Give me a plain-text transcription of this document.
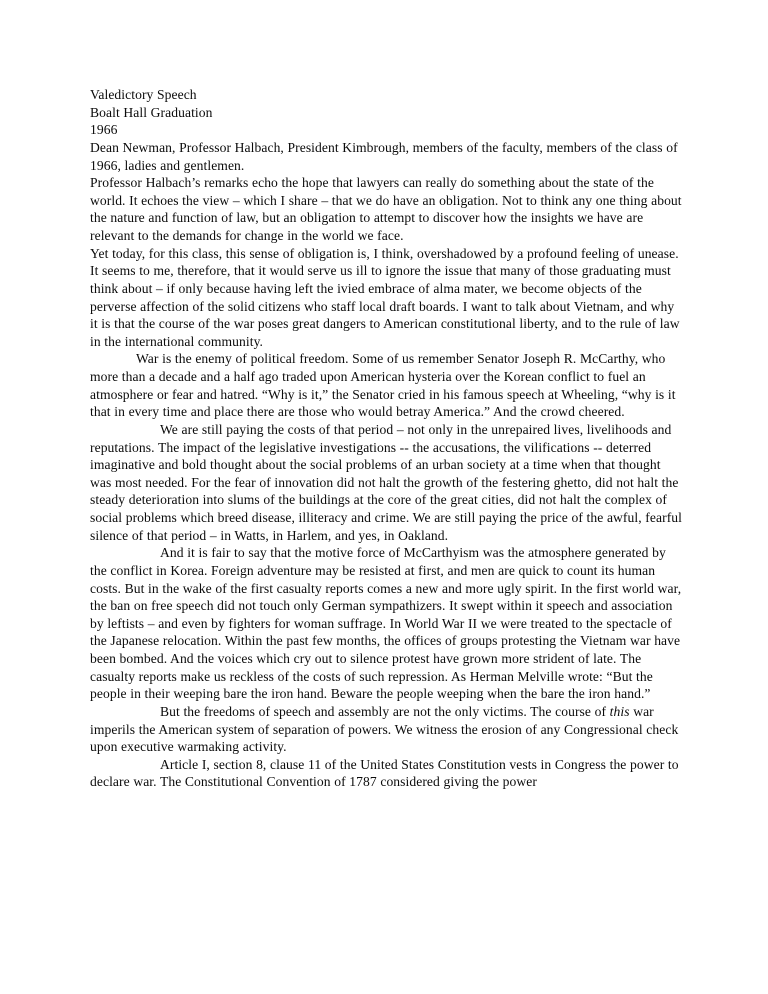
Valedictory Speech
Boalt Hall Graduation
1966
Dean Newman, Professor Halbach, President Kimbrough, members of the faculty, members of the class of 1966, ladies and gentlemen.
Professor Halbach’s remarks echo the hope that lawyers can really do something about the state of the world. It echoes the view – which I share – that we do have an obligation. Not to think any one thing about the nature and function of law, but an obligation to attempt to discover how the insights we have are relevant to the demands for change in the world we face.
Yet today, for this class, this sense of obligation is, I think, overshadowed by a profound feeling of unease. It seems to me, therefore, that it would serve us ill to ignore the issue that many of those graduating must think about – if only because having left the ivied embrace of alma mater, we become objects of the perverse affection of the solid citizens who staff local draft boards. I want to talk about Vietnam, and why it is that the course of the war poses great dangers to American constitutional liberty, and to the rule of law in the international community.
War is the enemy of political freedom. Some of us remember Senator Joseph R. McCarthy, who more than a decade and a half ago traded upon American hysteria over the Korean conflict to fuel an atmosphere or fear and hatred. “Why is it,” the Senator cried in his famous speech at Wheeling, “why is it that in every time and place there are those who would betray America.” And the crowd cheered.
We are still paying the costs of that period – not only in the unrepaired lives, livelihoods and reputations. The impact of the legislative investigations -- the accusations, the vilifications -- deterred imaginative and bold thought about the social problems of an urban society at a time when that thought was most needed. For the fear of innovation did not halt the growth of the festering ghetto, did not halt the steady deterioration into slums of the buildings at the core of the great cities, did not halt the complex of social problems which breed disease, illiteracy and crime. We are still paying the price of the awful, fearful silence of that period – in Watts, in Harlem, and yes, in Oakland.
And it is fair to say that the motive force of McCarthyism was the atmosphere generated by the conflict in Korea. Foreign adventure may be resisted at first, and men are quick to count its human costs. But in the wake of the first casualty reports comes a new and more ugly spirit. In the first world war, the ban on free speech did not touch only German sympathizers. It swept within it speech and association by leftists – and even by fighters for woman suffrage. In World War II we were treated to the spectacle of the Japanese relocation. Within the past few months, the offices of groups protesting the Vietnam war have been bombed. And the voices which cry out to silence protest have grown more strident of late. The casualty reports make us reckless of the costs of such repression. As Herman Melville wrote: “But the people in their weeping bare the iron hand. Beware the people weeping when the bare the iron hand.”
But the freedoms of speech and assembly are not the only victims. The course of this war imperils the American system of separation of powers. We witness the erosion of any Congressional check upon executive warmaking activity.
Article I, section 8, clause 11 of the United States Constitution vests in Congress the power to declare war. The Constitutional Convention of 1787 considered giving the power
